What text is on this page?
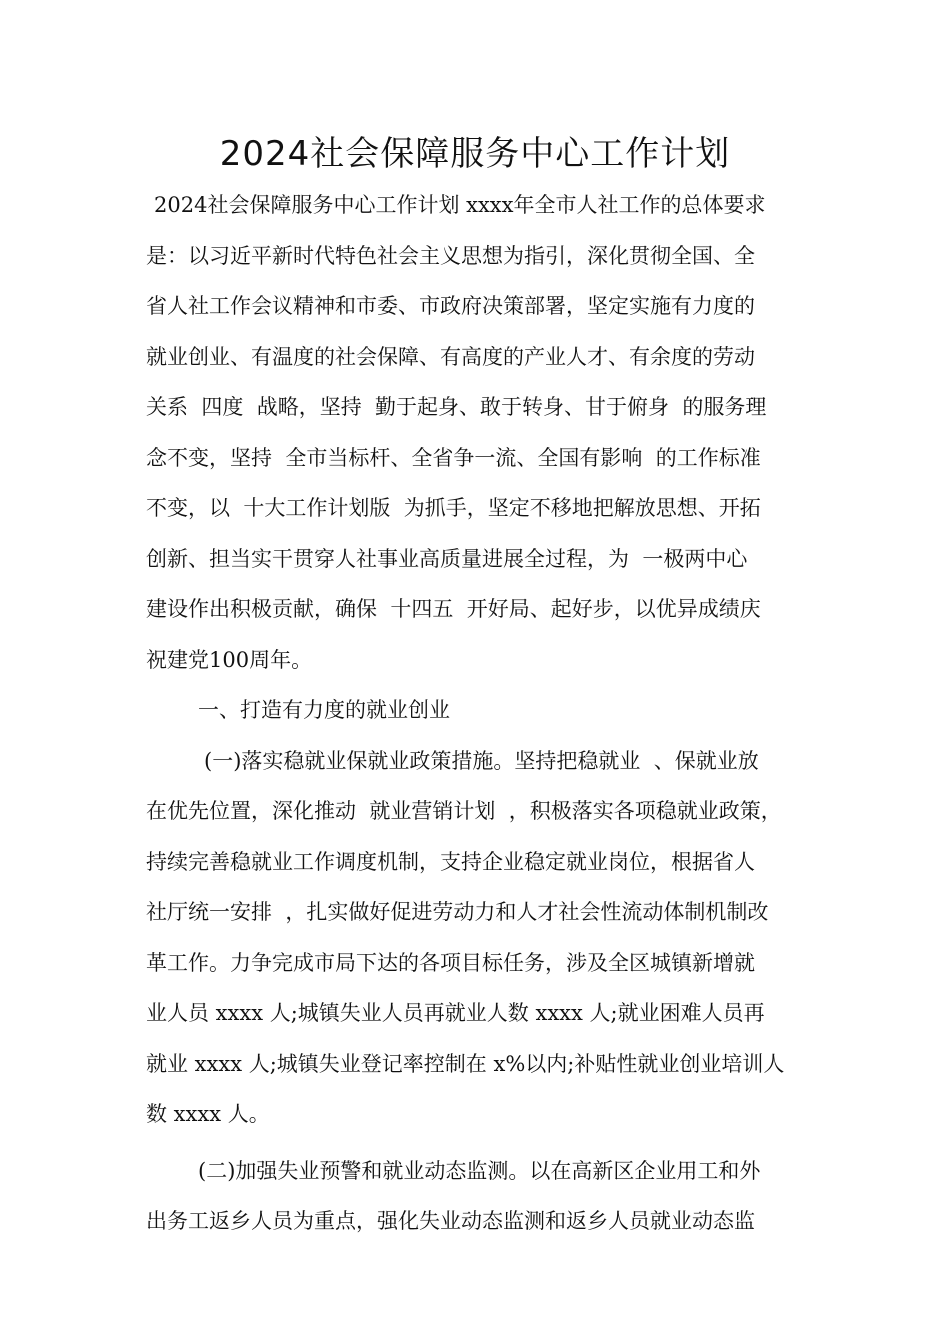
2024社会保障服务中心工作计划
2024社会保障服务中心工作计划 xxxx年全市人社工作的总体要求
是：以习近平新时代特色社会主义思想为指引，深化贯彻全国、全
省人社工作会议精神和市委、市政府决策部署，坚定实施有力度的
就业创业、有温度的社会保障、有高度的产业人才、有余度的劳动
关系  四度  战略，坚持  勤于起身、敢于转身、甘于俯身  的服务理
念不变，坚持  全市当标杆、全省争一流、全国有影响  的工作标准
不变，以  十大工作计划版  为抓手，坚定不移地把解放思想、开拓
创新、担当实干贯穿人社事业高质量进展全过程，为  一极两中心
建设作出积极贡献，确保  十四五  开好局、起好步，以优异成绩庆
祝建党100周年。
一、打造有力度的就业创业
(一)落实稳就业保就业政策措施。坚持把稳就业  、保就业放
在优先位置，深化推动  就业营销计划  ，积极落实各项稳就业政策，
持续完善稳就业工作调度机制，支持企业稳定就业岗位，根据省人
社厅统一安排  ，扎实做好促进劳动力和人才社会性流动体制机制改
革工作。力争完成市局下达的各项目标任务，涉及全区城镇新增就
业人员 xxxx 人;城镇失业人员再就业人数 xxxx 人;就业困难人员再
就业 xxxx 人;城镇失业登记率控制在 x%以内;补贴性就业创业培训人
数 xxxx 人。
(二)加强失业预警和就业动态监测。以在高新区企业用工和外
出务工返乡人员为重点，强化失业动态监测和返乡人员就业动态监
